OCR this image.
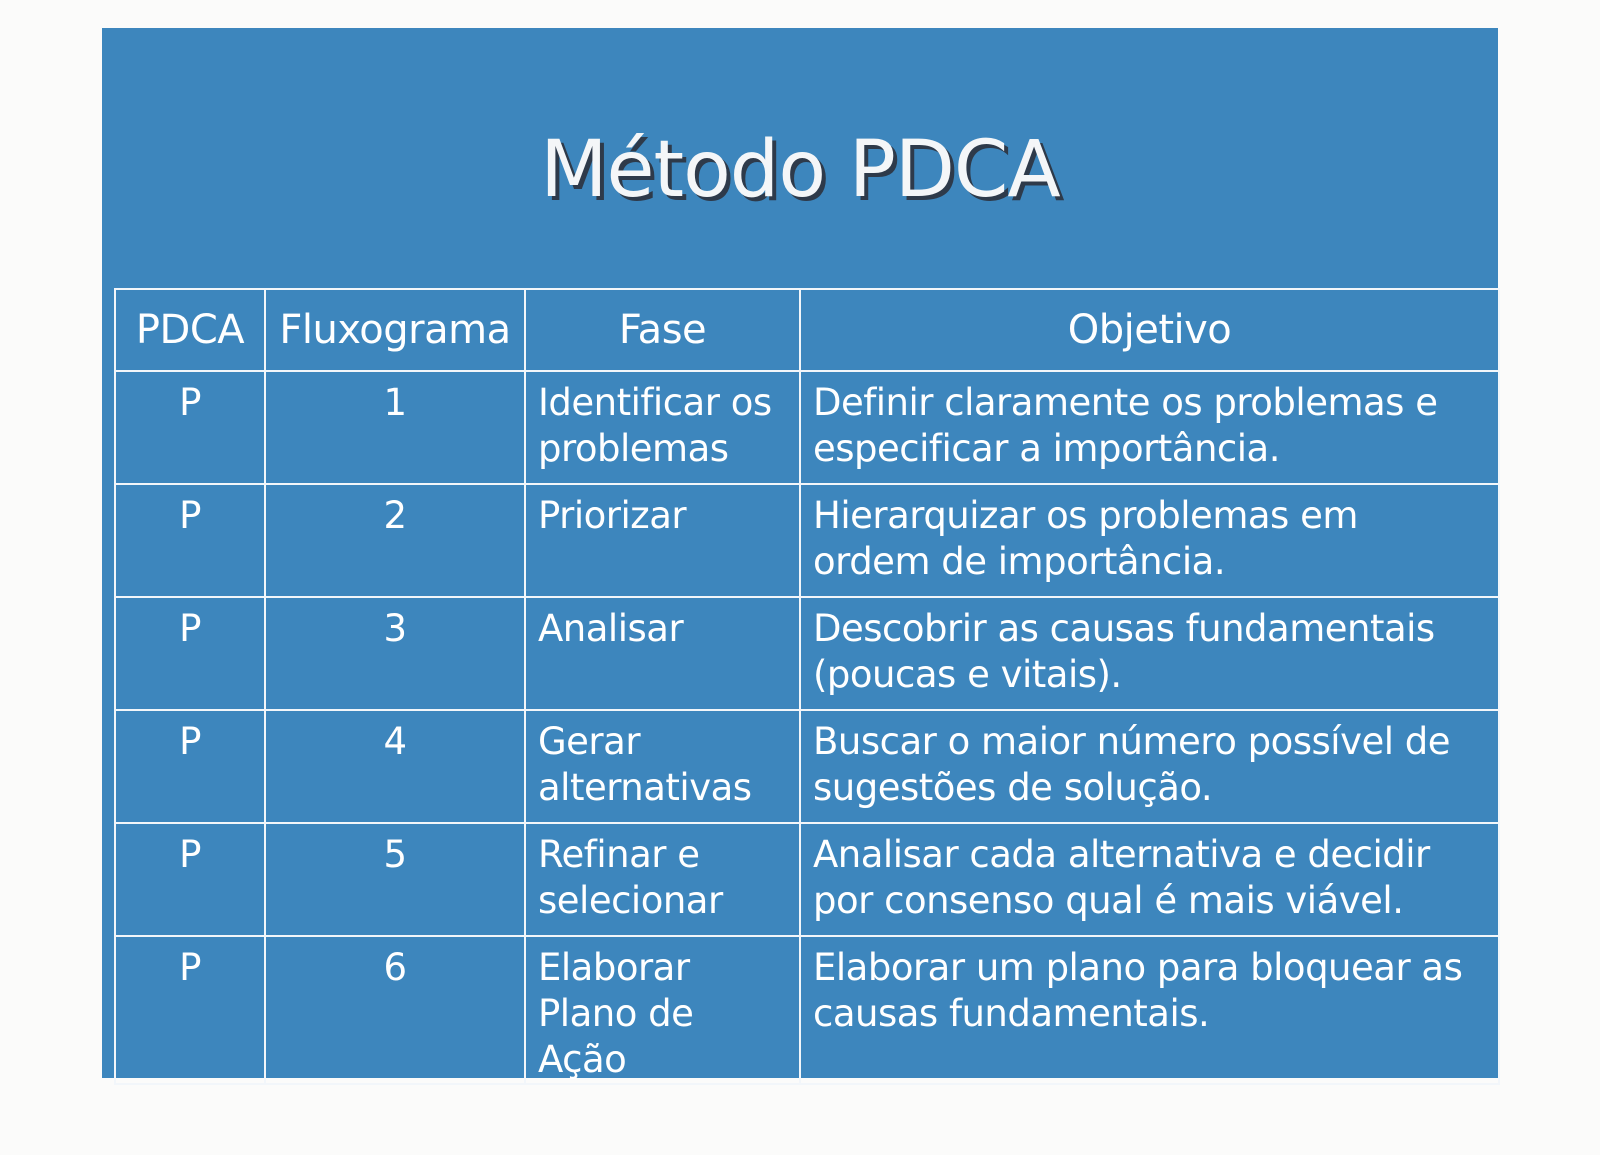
Método PDCA
PDCA	Fluxograma	Fase	Objetivo
P	1	Identificar os problemas	Definir claramente os problemas e especificar a importância.
P	2	Priorizar	Hierarquizar os problemas em ordem de importância.
P	3	Analisar	Descobrir as causas fundamentais (poucas e vitais).
P	4	Gerar alternativas	Buscar o maior número possível de sugestões de solução.
P	5	Refinar e selecionar	Analisar cada alternativa e decidir por consenso qual é mais viável.
P	6	Elaborar Plano de Ação	Elaborar um plano para bloquear as causas fundamentais.
